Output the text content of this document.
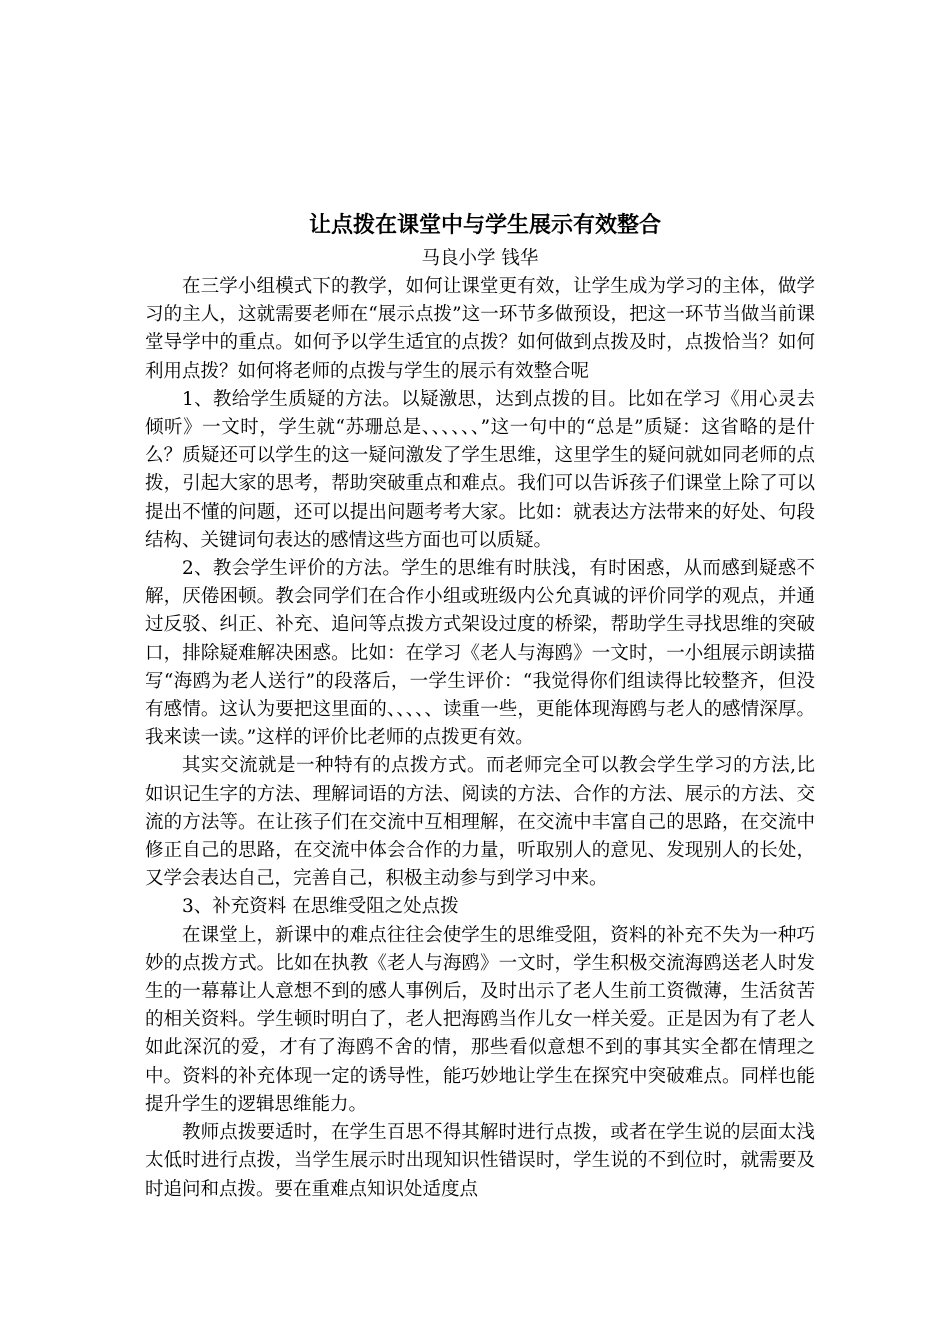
让点拨在课堂中与学生展示有效整合

马良小学 钱华

在三学小组模式下的教学，如何让课堂更有效，让学生成为学习的主体，做学习的主人，这就需要老师在“展示点拨”这一环节多做预设，把这一环节当做当前课堂导学中的重点。如何予以学生适宜的点拨？如何做到点拨及时，点拨恰当？如何利用点拨？如何将老师的点拨与学生的展示有效整合呢

1、教给学生质疑的方法。以疑激思，达到点拨的目。比如在学习《用心灵去倾听》一文时，学生就“苏珊总是、、、、、、”这一句中的“总是”质疑：这省略的是什么？质疑还可以学生的这一疑问激发了学生思维，这里学生的疑问就如同老师的点拨，引起大家的思考，帮助突破重点和难点。我们可以告诉孩子们课堂上除了可以提出不懂的问题，还可以提出问题考考大家。比如：就表达方法带来的好处、句段结构、关键词句表达的感情这些方面也可以质疑。

2、教会学生评价的方法。学生的思维有时肤浅，有时困惑，从而感到疑惑不解，厌倦困顿。教会同学们在合作小组或班级内公允真诚的评价同学的观点，并通过反驳、纠正、补充、追问等点拨方式架设过度的桥梁，帮助学生寻找思维的突破口，排除疑难解决困惑。比如：在学习《老人与海鸥》一文时，一小组展示朗读描写“海鸥为老人送行”的段落后，一学生评价：“我觉得你们组读得比较整齐，但没有感情。这认为要把这里面的、、、、、读重一些，更能体现海鸥与老人的感情深厚。我来读一读。”这样的评价比老师的点拨更有效。

其实交流就是一种特有的点拨方式。而老师完全可以教会学生学习的方法,比如识记生字的方法、理解词语的方法、阅读的方法、合作的方法、展示的方法、交流的方法等。在让孩子们在交流中互相理解，在交流中丰富自己的思路，在交流中修正自己的思路，在交流中体会合作的力量，听取别人的意见、发现别人的长处，又学会表达自己，完善自己，积极主动参与到学习中来。

3、补充资料 在思维受阻之处点拨

在课堂上，新课中的难点往往会使学生的思维受阻，资料的补充不失为一种巧妙的点拨方式。比如在执教《老人与海鸥》一文时，学生积极交流海鸥送老人时发生的一幕幕让人意想不到的感人事例后，及时出示了老人生前工资微薄，生活贫苦的相关资料。学生顿时明白了，老人把海鸥当作儿女一样关爱。正是因为有了老人如此深沉的爱，才有了海鸥不舍的情，那些看似意想不到的事其实全都在情理之中。资料的补充体现一定的诱导性，能巧妙地让学生在探究中突破难点。同样也能提升学生的逻辑思维能力。

教师点拨要适时，在学生百思不得其解时进行点拨，或者在学生说的层面太浅太低时进行点拨，当学生展示时出现知识性错误时，学生说的不到位时，就需要及时追问和点拨。要在重难点知识处适度点
